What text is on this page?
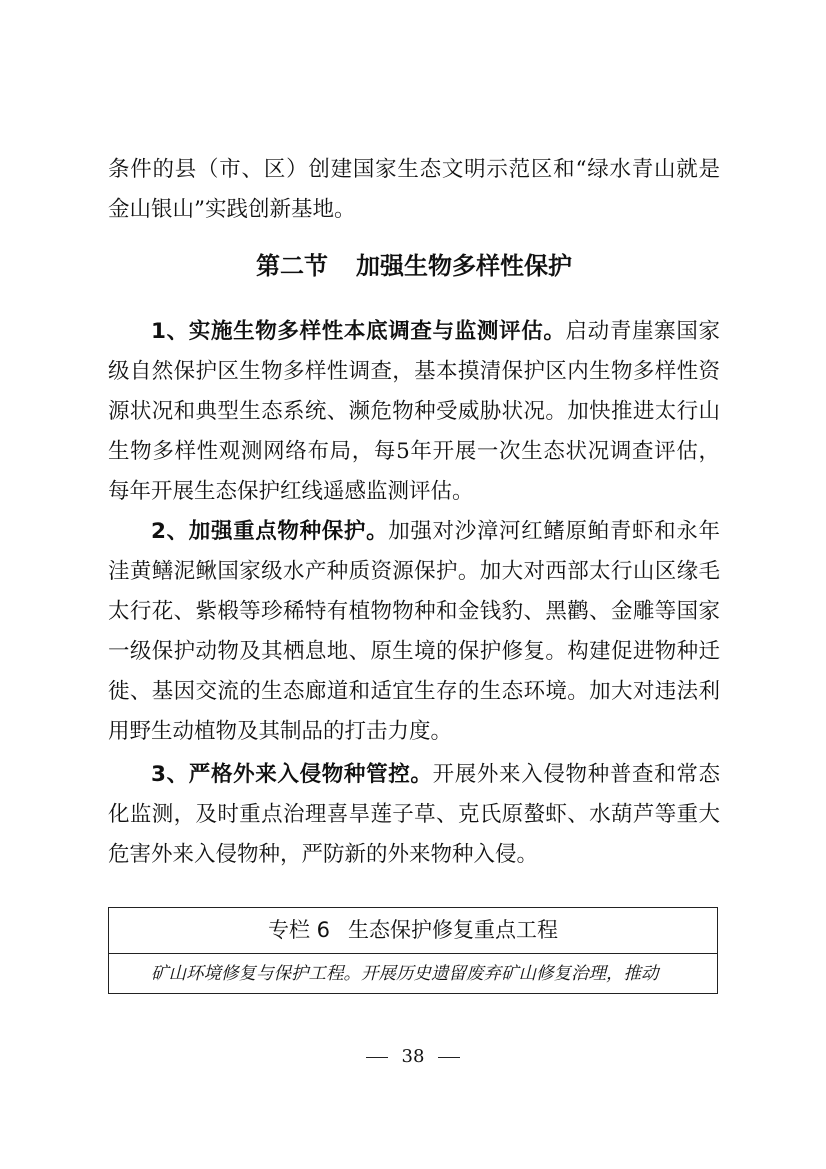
条件的县（市、区）创建国家生态文明示范区和“绿水青山就是金山银山”实践创新基地。

第二节 加强生物多样性保护

1、实施生物多样性本底调查与监测评估。启动青崖寨国家级自然保护区生物多样性调查，基本摸清保护区内生物多样性资源状况和典型生态系统、濒危物种受威胁状况。加快推进太行山生物多样性观测网络布局，每5年开展一次生态状况调查评估，每年开展生态保护红线遥感监测评估。

2、加强重点物种保护。加强对沙漳河红鳍原鲌青虾和永年洼黄鳝泥鳅国家级水产种质资源保护。加大对西部太行山区缘毛太行花、紫椴等珍稀特有植物物种和金钱豹、黑鹳、金雕等国家一级保护动物及其栖息地、原生境的保护修复。构建促进物种迁徙、基因交流的生态廊道和适宜生存的生态环境。加大对违法利用野生动植物及其制品的打击力度。

3、严格外来入侵物种管控。开展外来入侵物种普查和常态化监测，及时重点治理喜旱莲子草、克氏原螯虾、水葫芦等重大危害外来入侵物种，严防新的外来物种入侵。

专栏 6 生态保护修复重点工程
矿山环境修复与保护工程。开展历史遗留废弃矿山修复治理，推动
38
